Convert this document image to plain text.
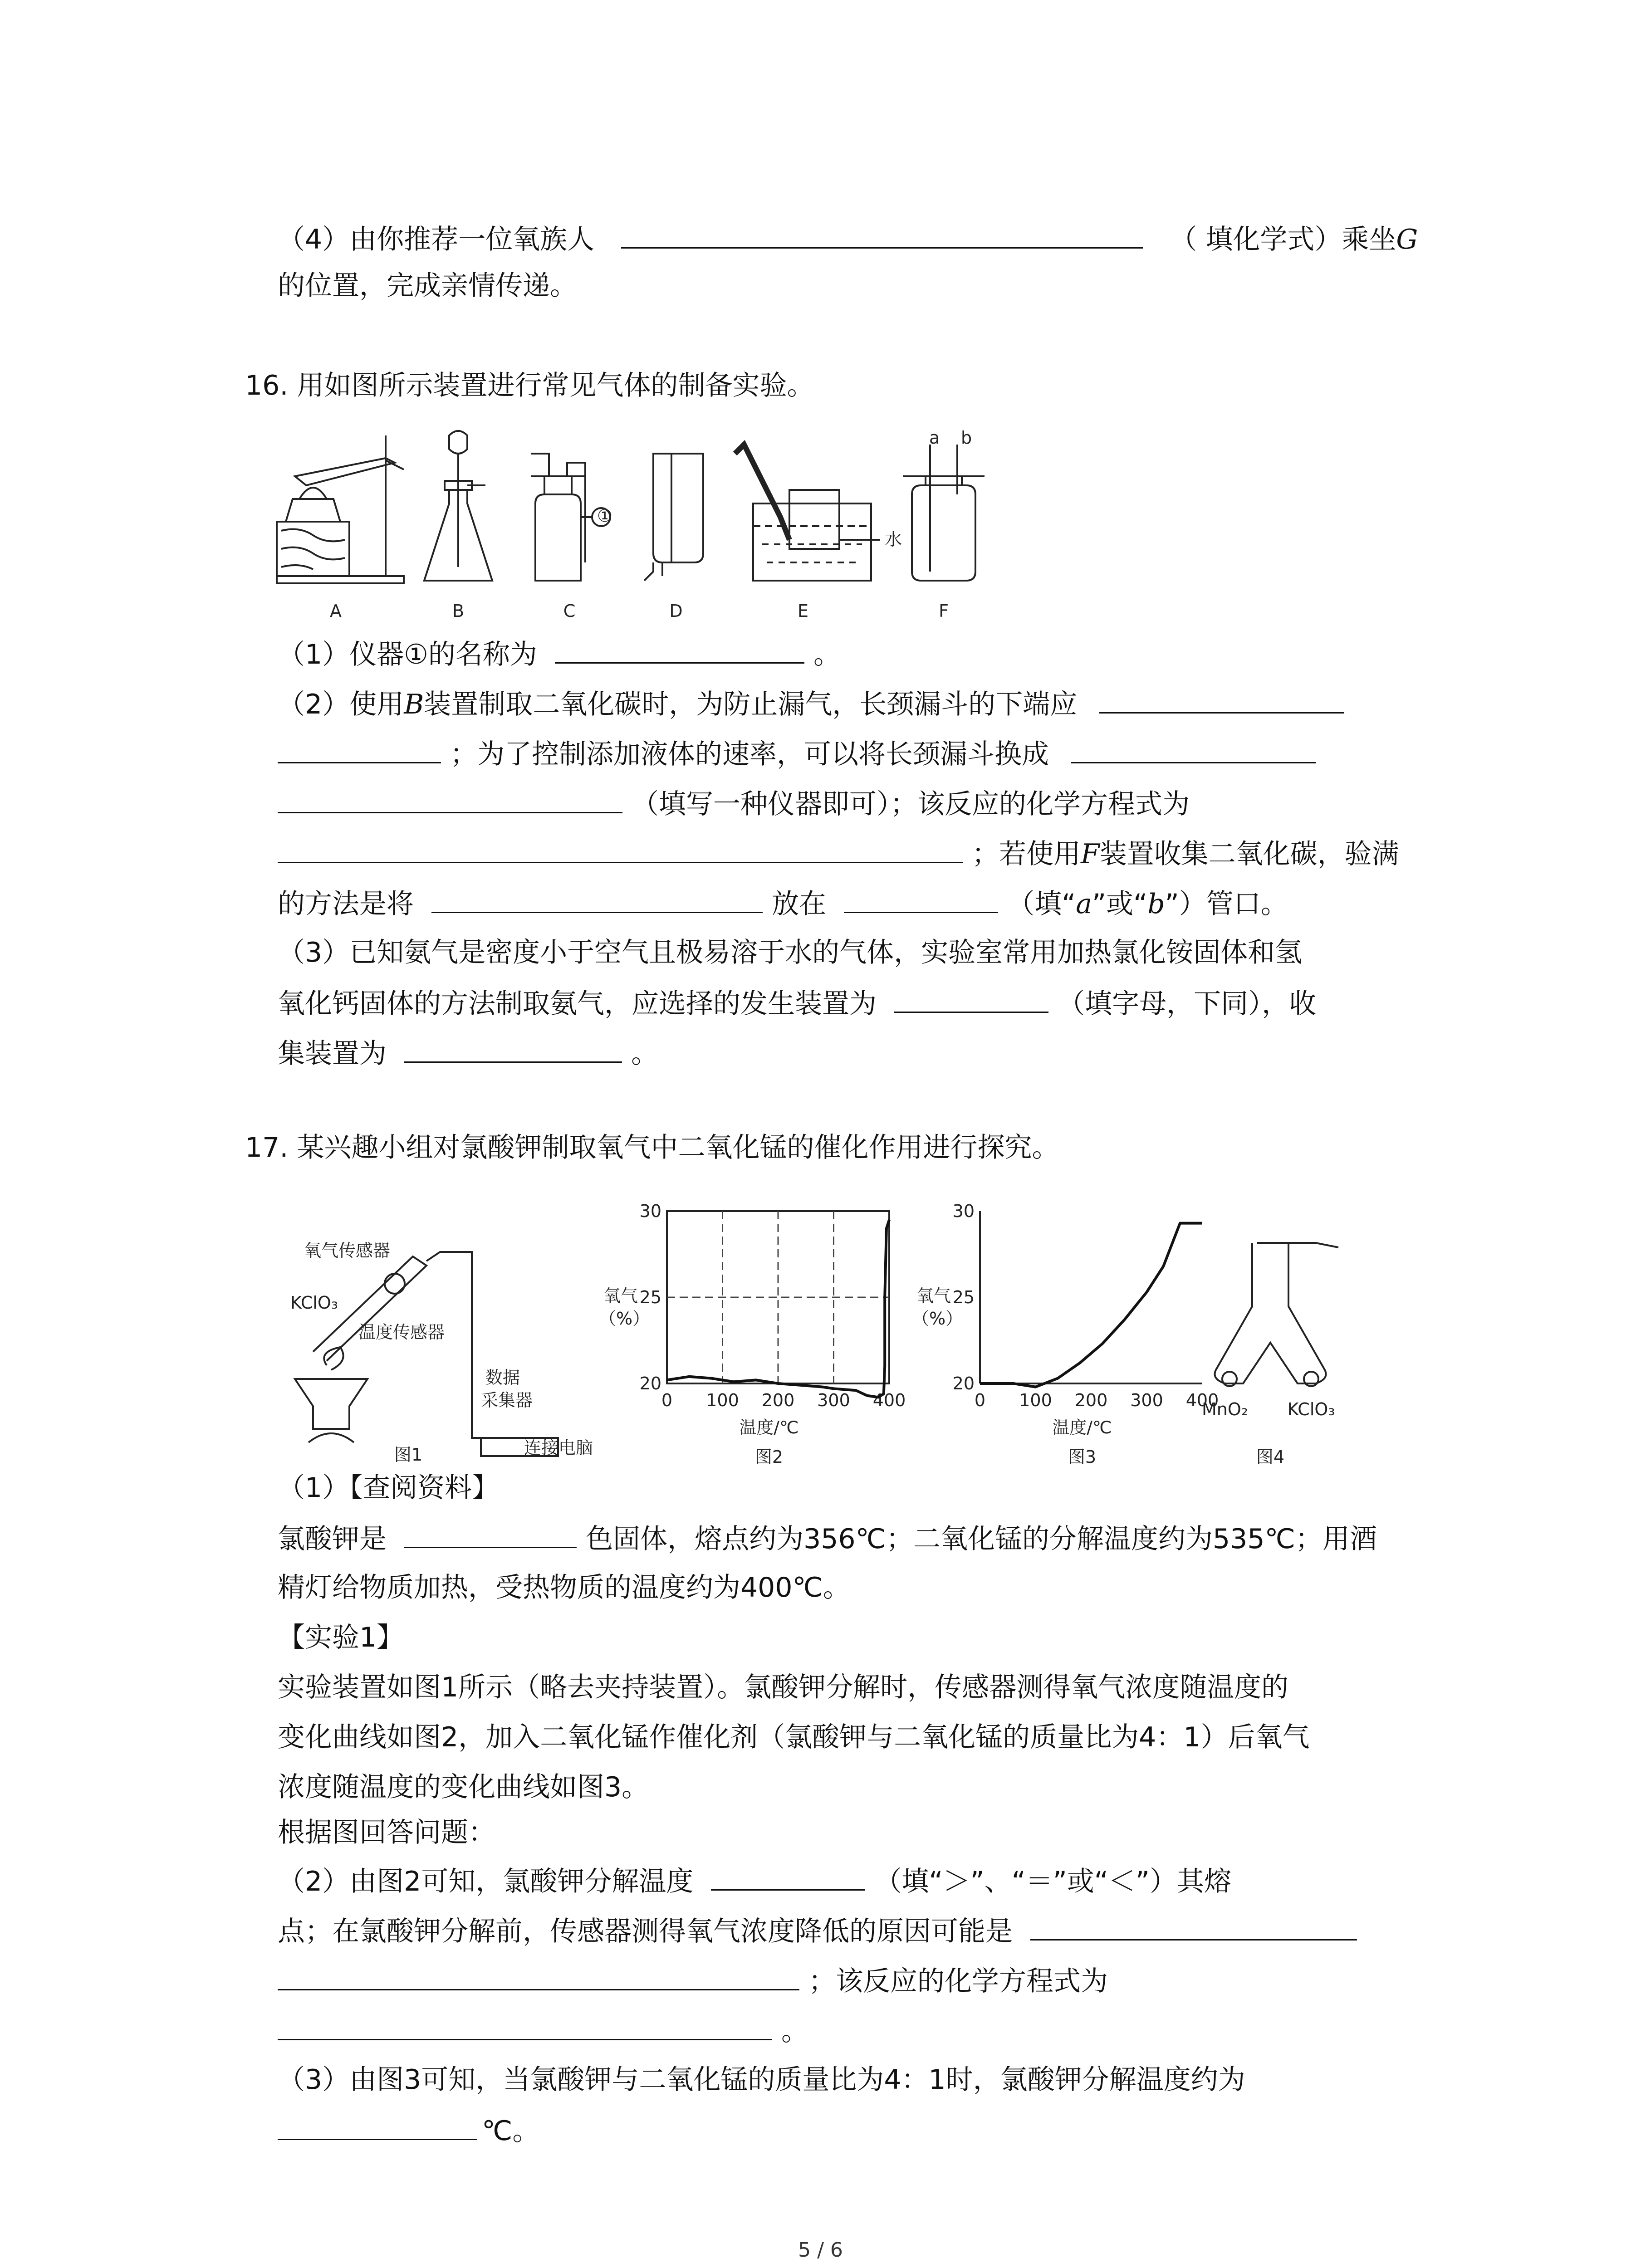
（4）由你推荐一位氧族人	（ 填化学式）乘坐G
的位置，完成亲情传递。
16. 用如图所示装置进行常见气体的制备实验。
a b
①
水
A	B	C	D	E	F
（1）仪器①的名称为	。
（2）使用B装置制取二氧化碳时，为防止漏气，长颈漏斗的下端应
；为了控制添加液体的速率，可以将长颈漏斗换成
（填写一种仪器即可）；该反应的化学方程式为
；若使用F装置收集二氧化碳，验满
的方法是将	放在	（填“a”或“b”）管口。
（3）已知氨气是密度小于空气且极易溶于水的气体，实验室常用加热氯化铵固体和氢
氧化钙固体的方法制取氨气，应选择的发生装置为	（填字母，下同），收
集装置为	。
17. 某兴趣小组对氯酸钾制取氧气中二氧化锰的催化作用进行探究。
氧气传感器
KClO₃
温度传感器
数据
采集器
连接电脑
图1
0 100 200 300 400
20
25
30
氧气
（%）
温度/℃
图2
0 100 200 300 400
20
25
30
氧气
（%）
温度/℃
图3
MnO₂ KClO₃
图4
（1）【查阅资料】
氯酸钾是	色固体，熔点约为356℃；二氧化锰的分解温度约为535℃；用酒
精灯给物质加热，受热物质的温度约为400℃。
【实验1】
实验装置如图1所示（略去夹持装置）。氯酸钾分解时，传感器测得氧气浓度随温度的
变化曲线如图2，加入二氧化锰作催化剂（氯酸钾与二氧化锰的质量比为4：1）后氧气
浓度随温度的变化曲线如图3。
根据图回答问题：
（2）由图2可知，氯酸钾分解温度	（填“＞”、“＝”或“＜”）其熔
点；在氯酸钾分解前，传感器测得氧气浓度降低的原因可能是
；该反应的化学方程式为
。
（3）由图3可知，当氯酸钾与二氧化锰的质量比为4：1时，氯酸钾分解温度约为
℃。
5 / 6
